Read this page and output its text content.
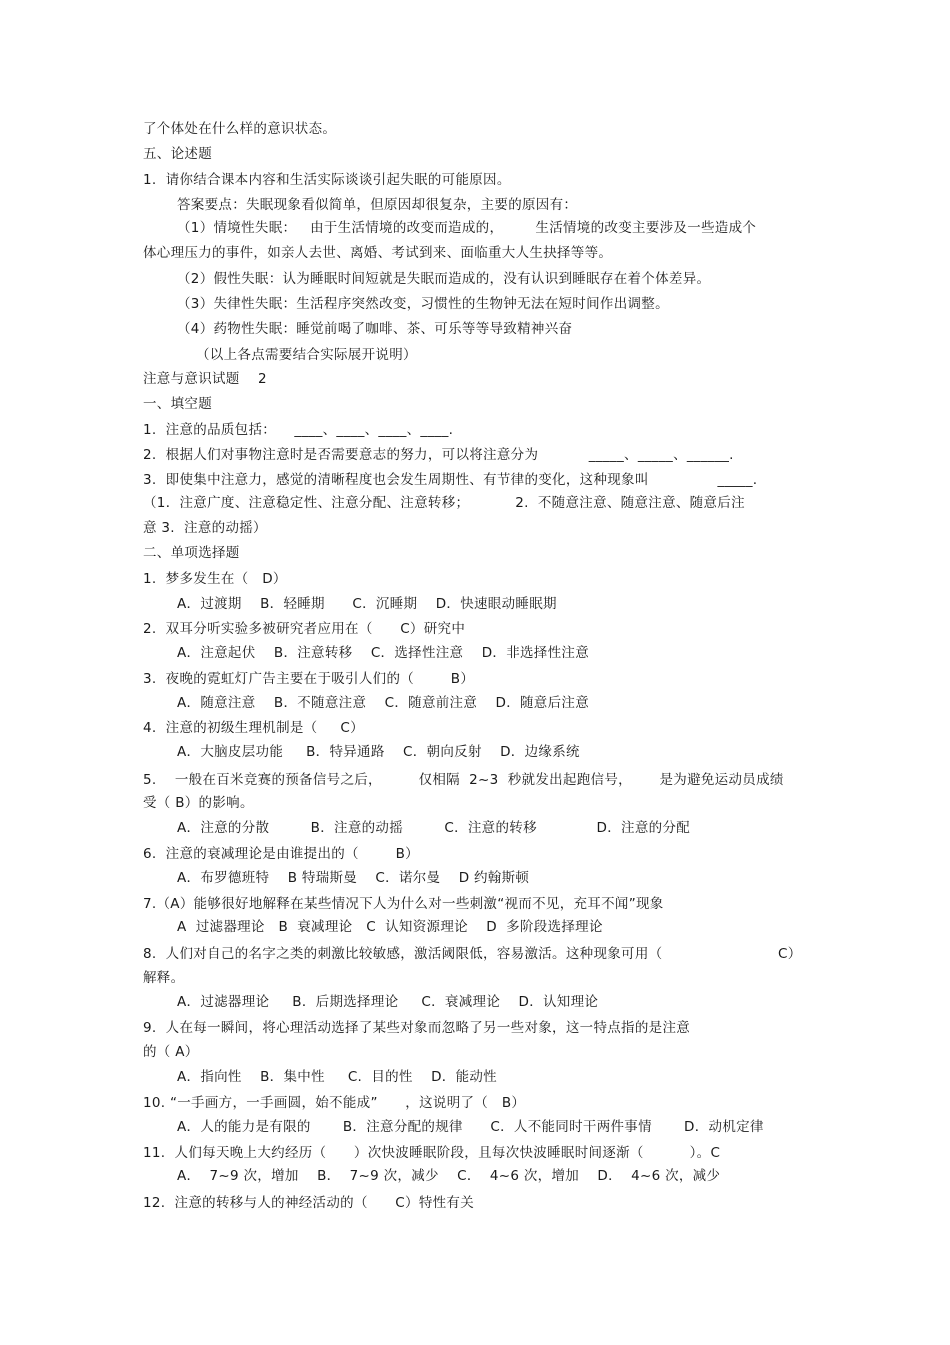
了个体处在什么样的意识状态。
五、论述题
1.  请你结合课本内容和生活实际谈谈引起失眠的可能原因。
答案要点：失眠现象看似简单，但原因却很复杂，主要的原因有：
（1）情境性失眠：   由于生活情境的改变而造成的，       生活情境的改变主要涉及一些造成个
体心理压力的事件，如亲人去世、离婚、考试到来、面临重大人生抉择等等。
（2）假性失眠：认为睡眠时间短就是失眠而造成的，没有认识到睡眠存在着个体差异。
（3）失律性失眠：生活程序突然改变，习惯性的生物钟无法在短时间作出调整。
（4）药物性失眠：睡觉前喝了咖啡、茶、可乐等等导致精神兴奋
（以上各点需要结合实际展开说明）
注意与意识试题    2
一、填空题
1.  注意的品质包括：    ____、____、____、____.
2.  根据人们对事物注意时是否需要意志的努力，可以将注意分为           _____、_____、______.
3.  即使集中注意力，感觉的清晰程度也会发生周期性、有节律的变化，这种现象叫               _____.
（1．注意广度、注意稳定性、注意分配、注意转移；          2.  不随意注意、随意注意、随意后注
意 3.  注意的动摇）
二、单项选择题
1.  梦多发生在（   D）
A．过渡期    B．轻睡期      C．沉睡期    D．快速眼动睡眠期
2.  双耳分听实验多被研究者应用在（      C）研究中
A．注意起伏    B．注意转移    C．选择性注意    D．非选择性注意
3.  夜晚的霓虹灯广告主要在于吸引人们的（        B）
A．随意注意    B．不随意注意    C．随意前注意    D．随意后注意
4.  注意的初级生理机制是（     C）
A．大脑皮层功能     B．特异通路    C．朝向反射    D．边缘系统
5.    一般在百米竞赛的预备信号之后，        仅相隔  2~3  秒就发出起跑信号，      是为避免运动员成绩
受（ B）的影响。
A．注意的分散         B．注意的动摇         C．注意的转移             D．注意的分配
6.  注意的衰减理论是由谁提出的（        B）
A．布罗德班特    B 特瑞斯曼    C．诺尔曼    D 约翰斯顿
7.（A）能够很好地解释在某些情况下人为什么对一些刺激“视而不见，充耳不闻”现象
A  过滤器理论   B  衰减理论   C  认知资源理论    D  多阶段选择理论
8.  人们对自己的名字之类的刺激比较敏感，激活阈限低，容易激活。这种现象可用（	C）
解释。
A．过滤器理论     B．后期选择理论     C．衰减理论    D．认知理论
9.  人在每一瞬间，将心理活动选择了某些对象而忽略了另一些对象，这一特点指的是注意
的（ A）
A．指向性    B．集中性     C.  目的性    D．能动性
10. “一手画方，一手画圆，始不能成”      ，这说明了（   B）
A．人的能力是有限的       B．注意分配的规律      C．人不能同时干两件事情       D．动机定律
11.  人们每天晚上大约经历（      ）次快波睡眠阶段，且每次快波睡眠时间逐渐（          ）。C
A．  7~9 次，增加    B．  7~9 次，减少    C．  4~6 次，增加    D．  4~6 次，减少
12.  注意的转移与人的神经活动的（      C）特性有关
